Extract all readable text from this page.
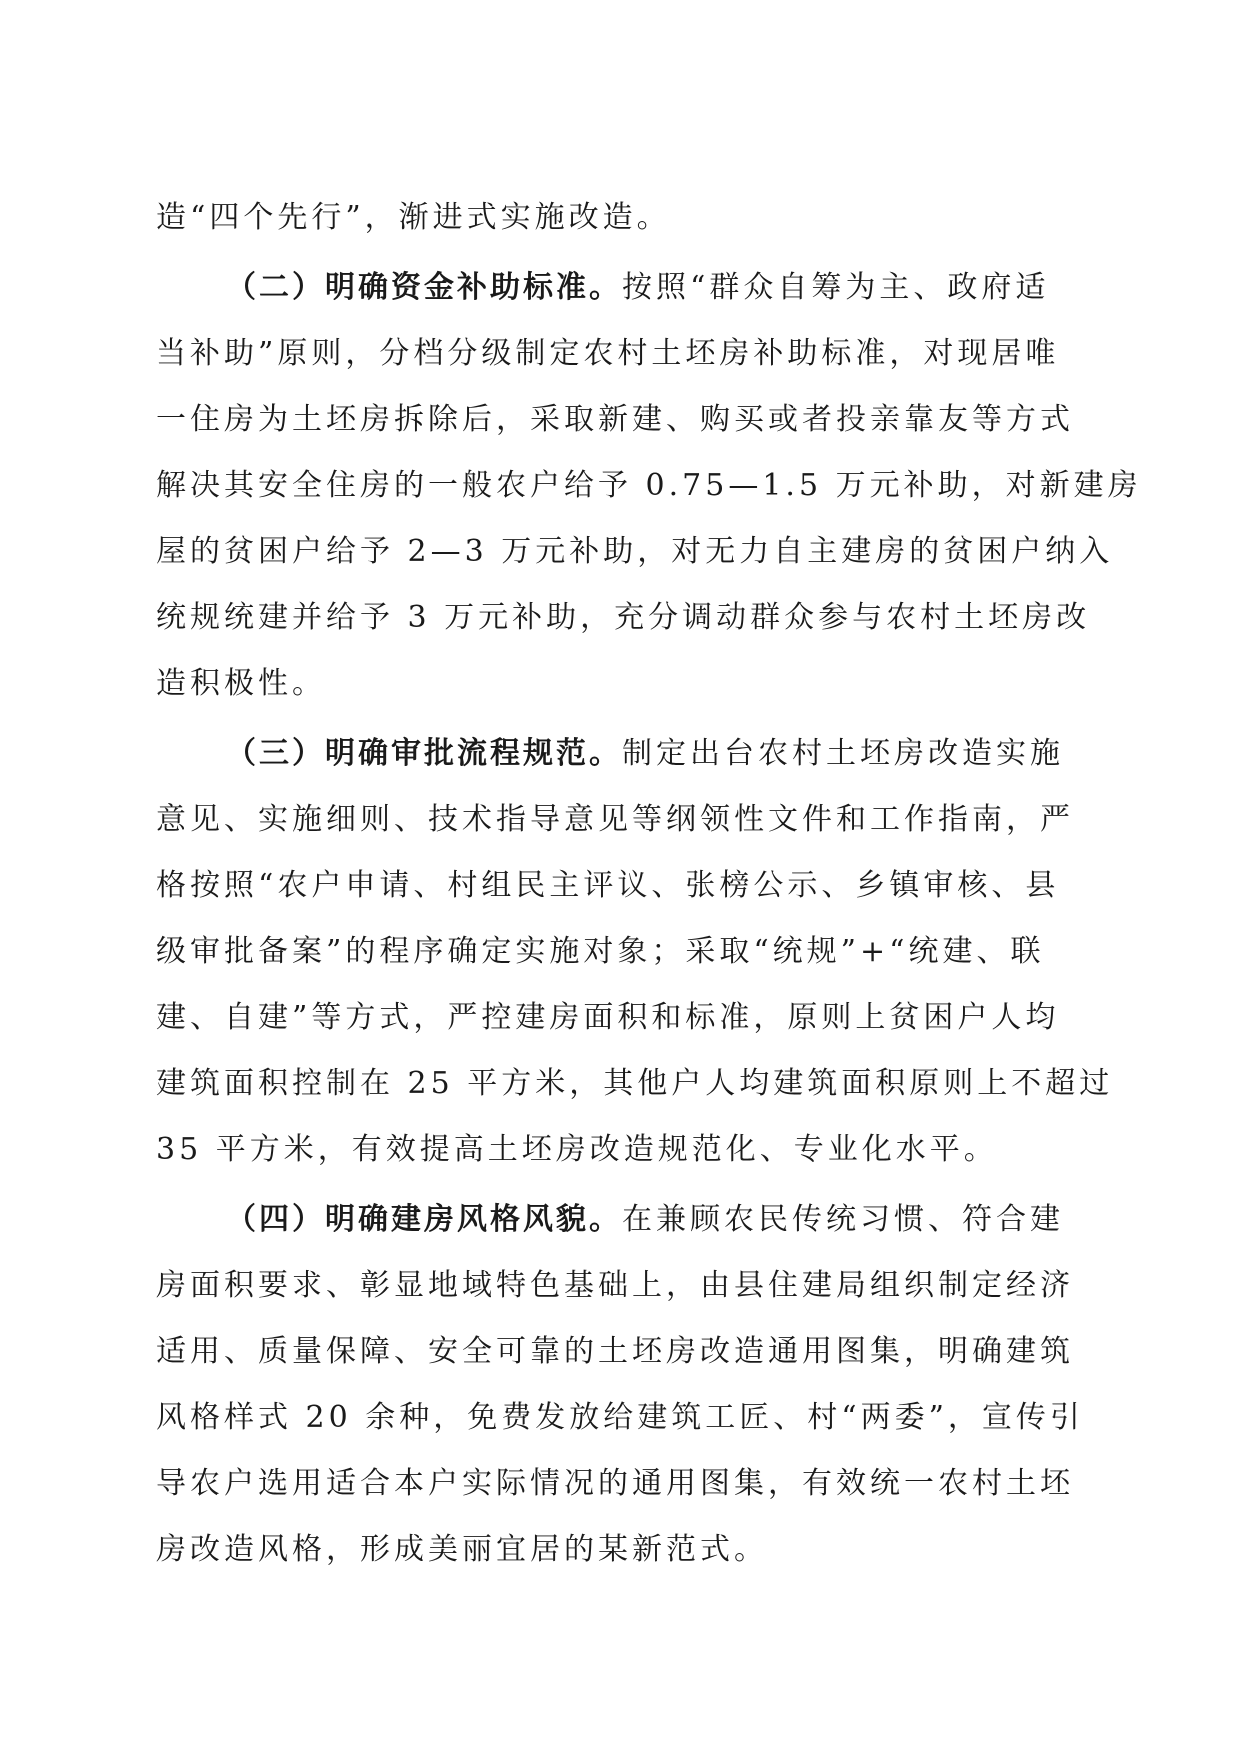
造“四个先行”，渐进式实施改造。
（二）明确资金补助标准。按照“群众自筹为主、政府适
当补助”原则，分档分级制定农村土坯房补助标准，对现居唯
一住房为土坯房拆除后，采取新建、购买或者投亲靠友等方式
解决其安全住房的一般农户给予 0.75—1.5 万元补助，对新建房
屋的贫困户给予 2—3 万元补助，对无力自主建房的贫困户纳入
统规统建并给予 3 万元补助，充分调动群众参与农村土坯房改
造积极性。
（三）明确审批流程规范。制定出台农村土坯房改造实施
意见、实施细则、技术指导意见等纲领性文件和工作指南，严
格按照“农户申请、村组民主评议、张榜公示、乡镇审核、县
级审批备案”的程序确定实施对象；采取“统规”+“统建、联
建、自建”等方式，严控建房面积和标准，原则上贫困户人均
建筑面积控制在 25 平方米，其他户人均建筑面积原则上不超过
35 平方米，有效提高土坯房改造规范化、专业化水平。
（四）明确建房风格风貌。在兼顾农民传统习惯、符合建
房面积要求、彰显地域特色基础上，由县住建局组织制定经济
适用、质量保障、安全可靠的土坯房改造通用图集，明确建筑
风格样式 20 余种，免费发放给建筑工匠、村“两委”，宣传引
导农户选用适合本户实际情况的通用图集，有效统一农村土坯
房改造风格，形成美丽宜居的某新范式。
